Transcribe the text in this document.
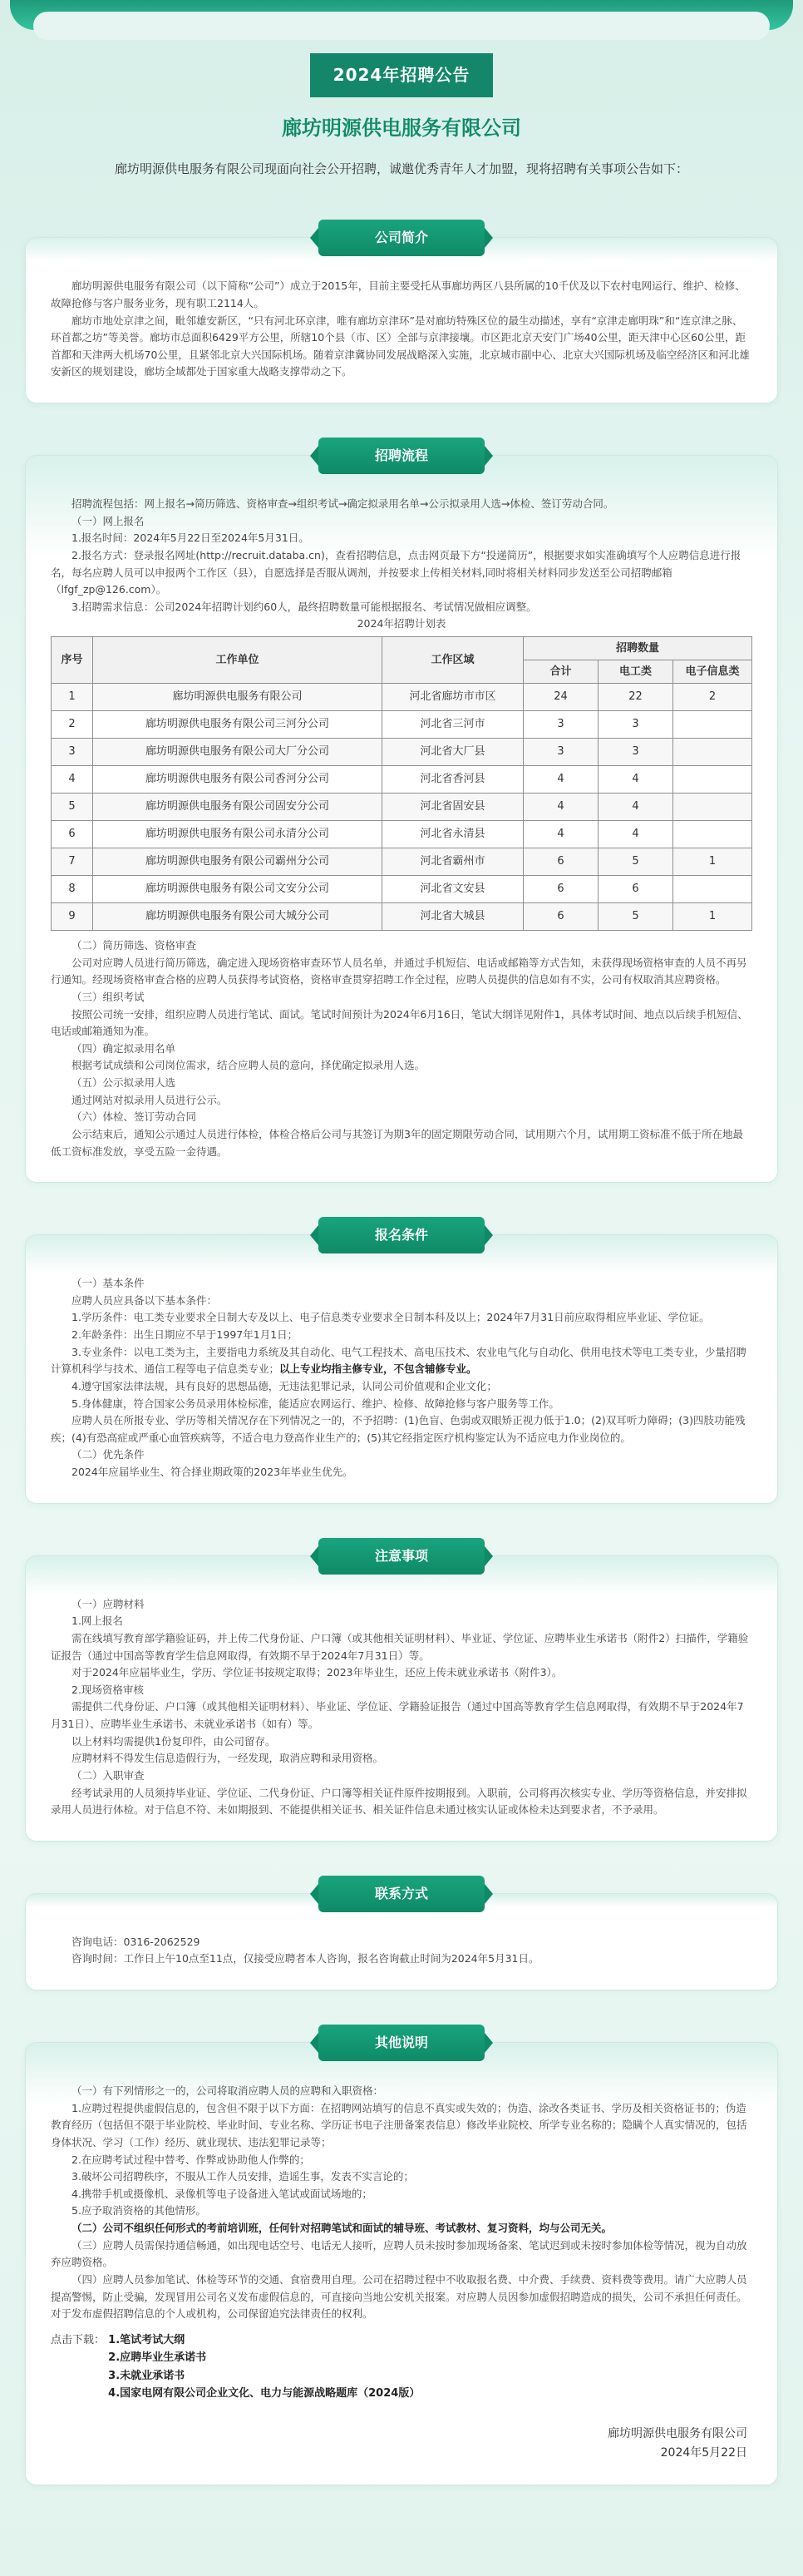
2024年招聘公告
廊坊明源供电服务有限公司
廊坊明源供电服务有限公司现面向社会公开招聘，诚邀优秀青年人才加盟，现将招聘有关事项公告如下：
公司简介

廊坊明源供电服务有限公司（以下简称“公司”）成立于2015年，目前主要受托从事廊坊两区八县所属的10千伏及以下农村电网运行、维护、检修、故障抢修与客户服务业务，现有职工2114人。

廊坊市地处京津之间，毗邻雄安新区，“只有河北环京津，唯有廊坊京津环”是对廊坊特殊区位的最生动描述，享有“京津走廊明珠”和“连京津之脉、环首都之坊”等美誉。廊坊市总面积6429平方公里，所辖10个县（市、区）全部与京津接壤。市区距北京天安门广场40公里，距天津中心区60公里，距首都和天津两大机场70公里，且紧邻北京大兴国际机场。随着京津冀协同发展战略深入实施，北京城市副中心、北京大兴国际机场及临空经济区和河北雄安新区的规划建设，廊坊全域都处于国家重大战略支撑带动之下。

招聘流程

招聘流程包括：网上报名→简历筛选、资格审查→组织考试→确定拟录用名单→公示拟录用人选→体检、签订劳动合同。

（一）网上报名

1.报名时间：2024年5月22日至2024年5月31日。

2.报名方式：登录报名网址(http://recruit.databa.cn)，查看招聘信息，点击网页最下方“投递简历”，根据要求如实准确填写个人应聘信息进行报名，每名应聘人员可以申报两个工作区（县），自愿选择是否服从调剂，并按要求上传相关材料,同时将相关材料同步发送至公司招聘邮箱（lfgf_zp@126.com）。

3.招聘需求信息：公司2024年招聘计划约60人，最终招聘数量可能根据报名、考试情况做相应调整。

2024年招聘计划表

序号	工作单位	工作区域	招聘数量		
			合计	电工类	电子信息类
1	廊坊明源供电服务有限公司	河北省廊坊市市区	24	22	2
2	廊坊明源供电服务有限公司三河分公司	河北省三河市	3	3	
3	廊坊明源供电服务有限公司大厂分公司	河北省大厂县	3	3	
4	廊坊明源供电服务有限公司香河分公司	河北省香河县	4	4	
5	廊坊明源供电服务有限公司固安分公司	河北省固安县	4	4	
6	廊坊明源供电服务有限公司永清分公司	河北省永清县	4	4	
7	廊坊明源供电服务有限公司霸州分公司	河北省霸州市	6	5	1
8	廊坊明源供电服务有限公司文安分公司	河北省文安县	6	6	
9	廊坊明源供电服务有限公司大城分公司	河北省大城县	6	5	1

（二）简历筛选、资格审查

公司对应聘人员进行简历筛选，确定进入现场资格审查环节人员名单，并通过手机短信、电话或邮箱等方式告知，未获得现场资格审查的人员不再另行通知。经现场资格审查合格的应聘人员获得考试资格，资格审查贯穿招聘工作全过程，应聘人员提供的信息如有不实，公司有权取消其应聘资格。

（三）组织考试

按照公司统一安排，组织应聘人员进行笔试、面试。笔试时间预计为2024年6月16日，笔试大纲详见附件1，具体考试时间、地点以后续手机短信、电话或邮箱通知为准。

（四）确定拟录用名单

根据考试成绩和公司岗位需求，结合应聘人员的意向，择优确定拟录用人选。

（五）公示拟录用人选

通过网站对拟录用人员进行公示。

（六）体检、签订劳动合同

公示结束后，通知公示通过人员进行体检，体检合格后公司与其签订为期3年的固定期限劳动合同，试用期六个月，试用期工资标准不低于所在地最低工资标准发放，享受五险一金待遇。

报名条件

（一）基本条件

应聘人员应具备以下基本条件：

1.学历条件：电工类专业要求全日制大专及以上、电子信息类专业要求全日制本科及以上；2024年7月31日前应取得相应毕业证、学位证。

2.年龄条件：出生日期应不早于1997年1月1日；

3.专业条件：以电工类为主，主要指电力系统及其自动化、电气工程技术、高电压技术、农业电气化与自动化、供用电技术等电工类专业，少量招聘计算机科学与技术、通信工程等电子信息类专业；以上专业均指主修专业，不包含辅修专业。

4.遵守国家法律法规，具有良好的思想品德，无违法犯罪记录，认同公司价值观和企业文化；

5.身体健康，符合国家公务员录用体检标准，能适应农网运行、维护、检修、故障抢修与客户服务等工作。

应聘人员在所报专业、学历等相关情况存在下列情况之一的，不予招聘：(1)色盲、色弱或双眼矫正视力低于1.0；(2)双耳听力障碍；(3)四肢功能残疾；(4)有恐高症或严重心血管疾病等，不适合电力登高作业生产的；(5)其它经指定医疗机构鉴定认为不适应电力作业岗位的。

（二）优先条件

2024年应届毕业生、符合择业期政策的2023年毕业生优先。

注意事项

（一）应聘材料

1.网上报名

需在线填写教育部学籍验证码，并上传二代身份证、户口簿（或其他相关证明材料）、毕业证、学位证、应聘毕业生承诺书（附件2）扫描件，学籍验证报告（通过中国高等教育学生信息网取得，有效期不早于2024年7月31日）等。

对于2024年应届毕业生，学历、学位证书按规定取得；2023年毕业生，还应上传未就业承诺书（附件3）。

2.现场资格审核

需提供二代身份证、户口簿（或其他相关证明材料）、毕业证、学位证、学籍验证报告（通过中国高等教育学生信息网取得，有效期不早于2024年7月31日）、应聘毕业生承诺书、未就业承诺书（如有）等。

以上材料均需提供1份复印件，由公司留存。

应聘材料不得发生信息造假行为，一经发现，取消应聘和录用资格。

（二）入职审查

经考试录用的人员须持毕业证、学位证、二代身份证、户口簿等相关证件原件按期报到。入职前，公司将再次核实专业、学历等资格信息，并安排拟录用人员进行体检。对于信息不符、未如期报到、不能提供相关证书、相关证件信息未通过核实认证或体检未达到要求者，不予录用。

联系方式

咨询电话：0316-2062529

咨询时间：工作日上午10点至11点，仅接受应聘者本人咨询，报名咨询截止时间为2024年5月31日。

其他说明

（一）有下列情形之一的，公司将取消应聘人员的应聘和入职资格：

1.应聘过程提供虚假信息的，包含但不限于以下方面：在招聘网站填写的信息不真实或失效的；伪造、涂改各类证书、学历及相关资格证书的；伪造教育经历（包括但不限于毕业院校、毕业时间、专业名称、学历证书电子注册备案表信息）修改毕业院校、所学专业名称的；隐瞒个人真实情况的，包括身体状况、学习（工作）经历、就业现状、违法犯罪记录等；

2.在应聘考试过程中替考、作弊或协助他人作弊的；

3.破坏公司招聘秩序，不服从工作人员安排，造谣生事，发表不实言论的；

4.携带手机或摄像机、录像机等电子设备进入笔试或面试场地的；

5.应予取消资格的其他情形。

（二）公司不组织任何形式的考前培训班，任何针对招聘笔试和面试的辅导班、考试教材、复习资料，均与公司无关。

（三）应聘人员需保持通信畅通，如出现电话空号、电话无人接听，应聘人员未按时参加现场备案、笔试迟到或未按时参加体检等情况，视为自动放弃应聘资格。

（四）应聘人员参加笔试、体检等环节的交通、食宿费用自理。公司在招聘过程中不收取报名费、中介费、手续费、资料费等费用。请广大应聘人员提高警惕，防止受骗，发现冒用公司名义发布虚假信息的，可直接向当地公安机关报案。对应聘人员因参加虚假招聘造成的损失，公司不承担任何责任。对于发布虚假招聘信息的个人或机构，公司保留追究法律责任的权利。

点击下载： 1.笔试考试大纲
2.应聘毕业生承诺书
3.未就业承诺书
4.国家电网有限公司企业文化、电力与能源战略题库（2024版）
廊坊明源供电服务有限公司
2024年5月22日
